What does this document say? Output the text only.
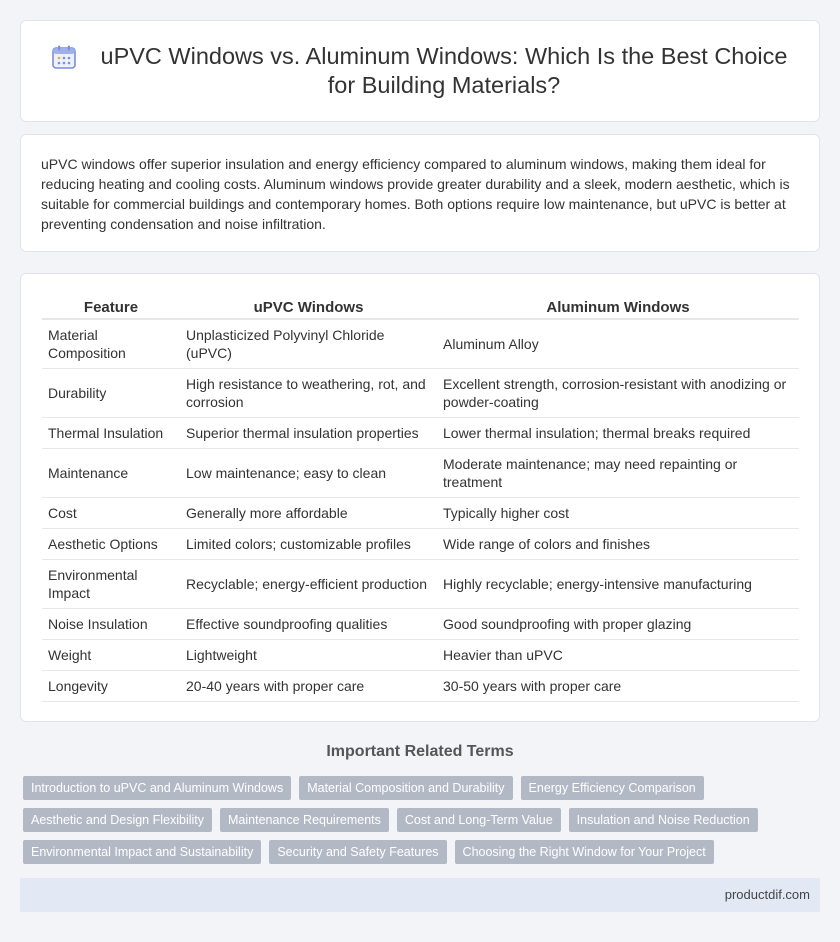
uPVC Windows vs. Aluminum Windows: Which Is the Best Choice for Building Materials?

uPVC windows offer superior insulation and energy efficiency compared to aluminum windows, making them ideal for reducing heating and cooling costs. Aluminum windows provide greater durability and a sleek, modern aesthetic, which is suitable for commercial buildings and contemporary homes. Both options require low maintenance, but uPVC is better at preventing condensation and noise infiltration.

Feature	uPVC Windows	Aluminum Windows
Material Composition	Unplasticized Polyvinyl Chloride (uPVC)	Aluminum Alloy
Durability	High resistance to weathering, rot, and corrosion	Excellent strength, corrosion-resistant with anodizing or powder-coating
Thermal Insulation	Superior thermal insulation properties	Lower thermal insulation; thermal breaks required
Maintenance	Low maintenance; easy to clean	Moderate maintenance; may need repainting or treatment
Cost	Generally more affordable	Typically higher cost
Aesthetic Options	Limited colors; customizable profiles	Wide range of colors and finishes
Environmental Impact	Recyclable; energy-efficient production	Highly recyclable; energy-intensive manufacturing
Noise Insulation	Effective soundproofing qualities	Good soundproofing with proper glazing
Weight	Lightweight	Heavier than uPVC
Longevity	20-40 years with proper care	30-50 years with proper care
Important Related Terms
Introduction to uPVC and Aluminum Windows	Material Composition and Durability	Energy Efficiency Comparison
Aesthetic and Design Flexibility	Maintenance Requirements	Cost and Long-Term Value	Insulation and Noise Reduction
Environmental Impact and Sustainability	Security and Safety Features	Choosing the Right Window for Your Project
productdif.com
